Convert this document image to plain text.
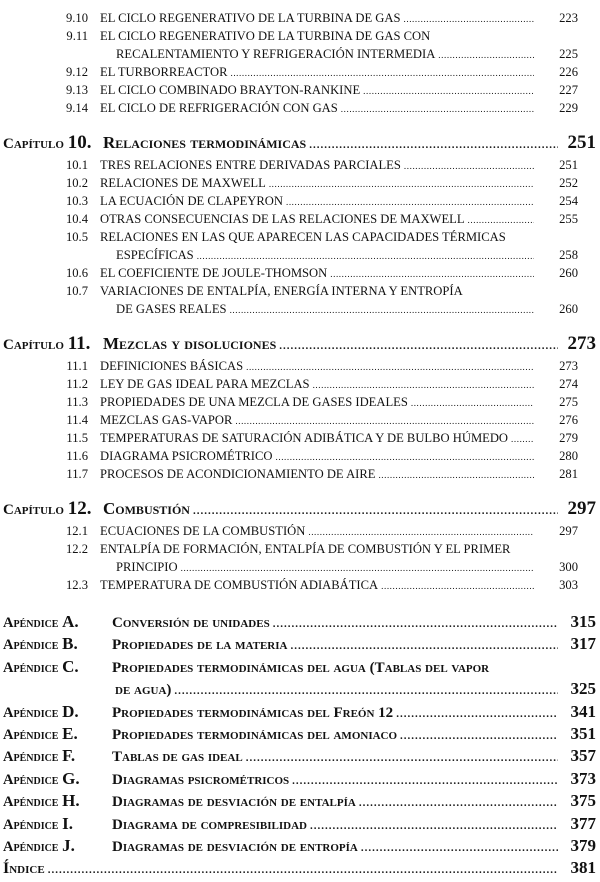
9.10 EL CICLO REGENERATIVO DE LA TURBINA DE GAS .....	223
9.11 EL CICLO REGENERATIVO DE LA TURBINA DE GAS CON
RECALENTAMIENTO Y REFRIGERACIÓN INTERMEDIA .....	225
9.12 EL TURBORREACTOR .....	226
9.13 EL CICLO COMBINADO BRAYTON-RANKINE .....	227
9.14 EL CICLO DE REFRIGERACIÓN CON GAS .....	229
Capítulo 10. Relaciones termodinámicas .....	251
10.1 TRES RELACIONES ENTRE DERIVADAS PARCIALES .....	251
10.2 RELACIONES DE MAXWELL .....	252
10.3 LA ECUACIÓN DE CLAPEYRON .....	254
10.4 OTRAS CONSECUENCIAS DE LAS RELACIONES DE MAXWELL .....	255
10.5 RELACIONES EN LAS QUE APARECEN LAS CAPACIDADES TÉRMICAS
ESPECÍFICAS .....	258
10.6 EL COEFICIENTE DE JOULE-THOMSON .....	260
10.7 VARIACIONES DE ENTALPÍA, ENERGÍA INTERNA Y ENTROPÍA
DE GASES REALES .....	260
Capítulo 11. Mezclas y disoluciones .....	273
11.1 DEFINICIONES BÁSICAS .....	273
11.2 LEY DE GAS IDEAL PARA MEZCLAS .....	274
11.3 PROPIEDADES DE UNA MEZCLA DE GASES IDEALES .....	275
11.4 MEZCLAS GAS-VAPOR .....	276
11.5 TEMPERATURAS DE SATURACIÓN ADIBÁTICA Y DE BULBO HÚMEDO .....	279
11.6 DIAGRAMA PSICROMÉTRICO .....	280
11.7 PROCESOS DE ACONDICIONAMIENTO DE AIRE .....	281
Capítulo 12. Combustión .....	297
12.1 ECUACIONES DE LA COMBUSTIÓN .....	297
12.2 ENTALPÍA DE FORMACIÓN, ENTALPÍA DE COMBUSTIÓN Y EL PRIMER
PRINCIPIO .....	300
12.3 TEMPERATURA DE COMBUSTIÓN ADIABÁTICA .....	303
Apéndice A.	Conversión de unidades .....	315
Apéndice B.	Propiedades de la materia .....	317
Apéndice C.	Propiedades termodinámicas del agua (Tablas del vapor
de agua) .....	325
Apéndice D.	Propiedades termodinámicas del Freón 12 .....	341
Apéndice E.	Propiedades termodinámicas del amoniaco .....	351
Apéndice F.	Tablas de gas ideal .....	357
Apéndice G.	Diagramas psicrométricos .....	373
Apéndice H.	Diagramas de desviación de entalpía .....	375
Apéndice I.	Diagrama de compresibilidad .....	377
Apéndice J.	Diagramas de desviación de entropía .....	379
Índice .....	381
